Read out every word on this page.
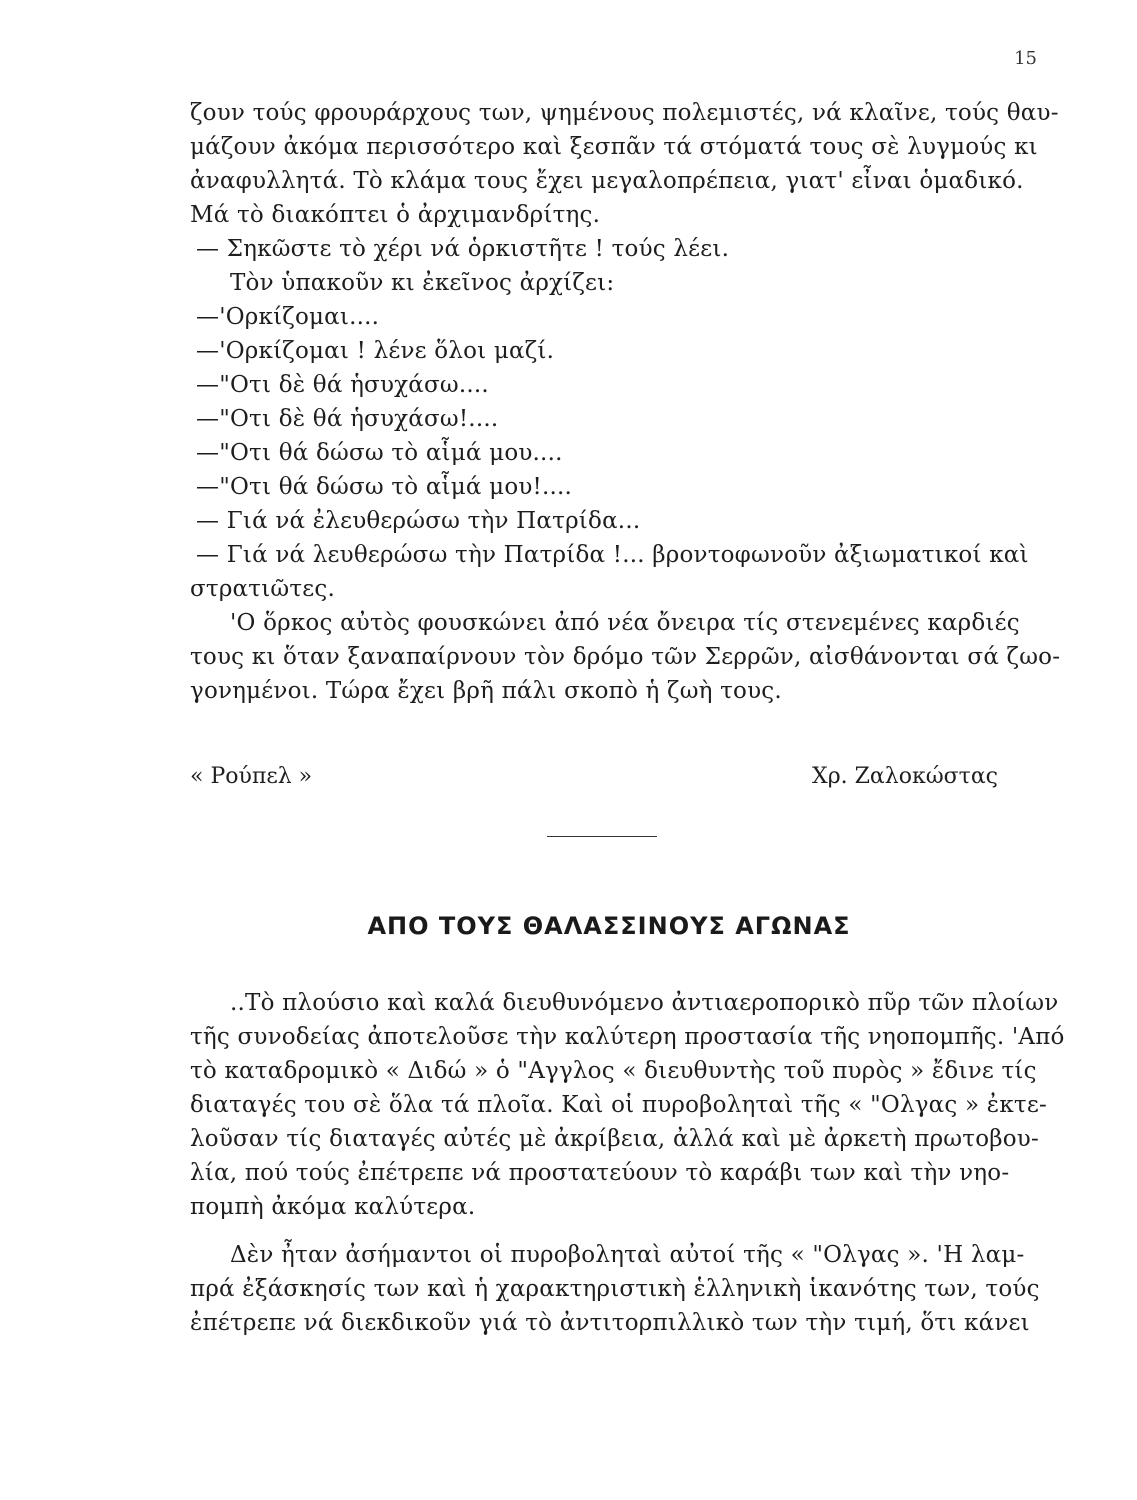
15
ζουν τούς φρουράρχους των, ψημένους πολεμιστές, νά κλαῖνε, τούς θαυ-
μάζουν ἀκόμα περισσότερο καὶ ξεσπᾶν τά στόματά τους σὲ λυγμούς κι
ἀναφυλλητά. Τὸ κλάμα τους ἔχει μεγαλοπρέπεια, γιατ' εἶναι ὁμαδικό.
Μά τὸ διακόπτει ὁ ἀρχιμανδρίτης.
— Σηκῶστε τὸ χέρι νά ὁρκιστῆτε ! τούς λέει.
Τὸν ὑπακοῦν κι ἐκεῖνος ἀρχίζει:
—'Ορκίζομαι....
—'Ορκίζομαι ! λένε ὅλοι μαζί.
—"Οτι δὲ θά ἡσυχάσω....
—"Οτι δὲ θά ἡσυχάσω!....
—"Οτι θά δώσω τὸ αἷμά μου....
—"Οτι θά δώσω τὸ αἷμά μου!....
— Γιά νά ἐλευθερώσω τὴν Πατρίδα...
— Γιά νά λευθερώσω τὴν Πατρίδα !... βροντοφωνοῦν ἀξιωματικοί καὶ
στρατιῶτες.
'Ο ὅρκος αὐτὸς φουσκώνει ἀπό νέα ὄνειρα τίς στενεμένες καρδιές
τους κι ὅταν ξαναπαίρνουν τὸν δρόμο τῶν Σερρῶν, αἰσθάνονται σά ζωο-
γονημένοι. Τώρα ἔχει βρῆ πάλι σκοπὸ ἡ ζωὴ τους.
« Ρούπελ »	Χρ. Ζαλοκώστας
ΑΠΟ ΤΟΥΣ ΘΑΛΑΣΣΙΝΟΥΣ ΑΓΩΝΑΣ
..Τὸ πλούσιο καὶ καλά διευθυνόμενο ἀντιαεροπορικὸ πῦρ τῶν πλοίων
τῆς συνοδείας ἀποτελοῦσε τὴν καλύτερη προστασία τῆς νηοπομπῆς. 'Από
τὸ καταδρομικὸ « Διδώ » ὁ "Αγγλος « διευθυντὴς τοῦ πυρὸς » ἔδινε τίς
διαταγές του σὲ ὅλα τά πλοῖα. Καὶ οἱ πυροβοληταὶ τῆς « "Ολγας » ἐκτε-
λοῦσαν τίς διαταγές αὐτές μὲ ἀκρίβεια, ἀλλά καὶ μὲ ἀρκετὴ πρωτοβου-
λία, πού τούς ἐπέτρεπε νά προστατεύουν τὸ καράβι των καὶ τὴν νηο-
πομπὴ ἀκόμα καλύτερα.
Δὲν ἦταν ἀσήμαντοι οἱ πυροβοληταὶ αὐτοί τῆς « "Ολγας ». 'Η λαμ-
πρά ἐξάσκησίς των καὶ ἡ χαρακτηριστικὴ ἑλληνικὴ ἱκανότης των, τούς
ἐπέτρεπε νά διεκδικοῦν γιά τὸ ἀντιτορπιλλικὸ των τὴν τιμή, ὅτι κάνει
